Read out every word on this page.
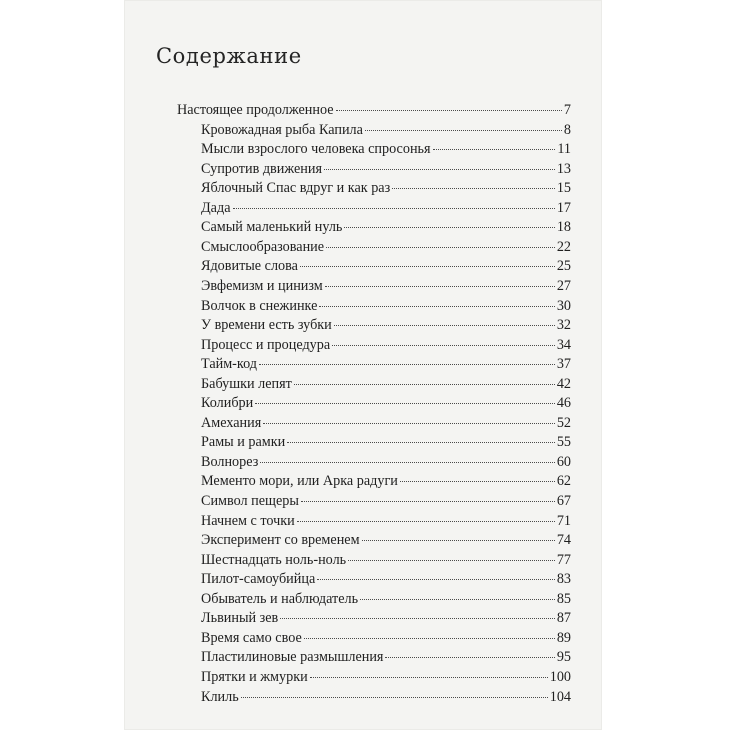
Содержание
Настоящее продолженное	7
Кровожадная рыба Капила	8
Мысли взрослого человека спросонья	11
Супротив движения	13
Яблочный Спас вдруг и как раз	15
Дада	17
Самый маленький нуль	18
Смыслообразование	22
Ядовитые слова	25
Эвфемизм и цинизм	27
Волчок в снежинке	30
У времени есть зубки	32
Процесс и процедура	34
Тайм-код	37
Бабушки лепят	42
Колибри	46
Амехания	52
Рамы и рамки	55
Волнорез	60
Мементо мори, или Арка радуги	62
Символ пещеры	67
Начнем с точки	71
Эксперимент со временем	74
Шестнадцать ноль-ноль	77
Пилот-самоубийца	83
Обыватель и наблюдатель	85
Львиный зев	87
Время само свое	89
Пластилиновые размышления	95
Прятки и жмурки	100
Клиль	104
